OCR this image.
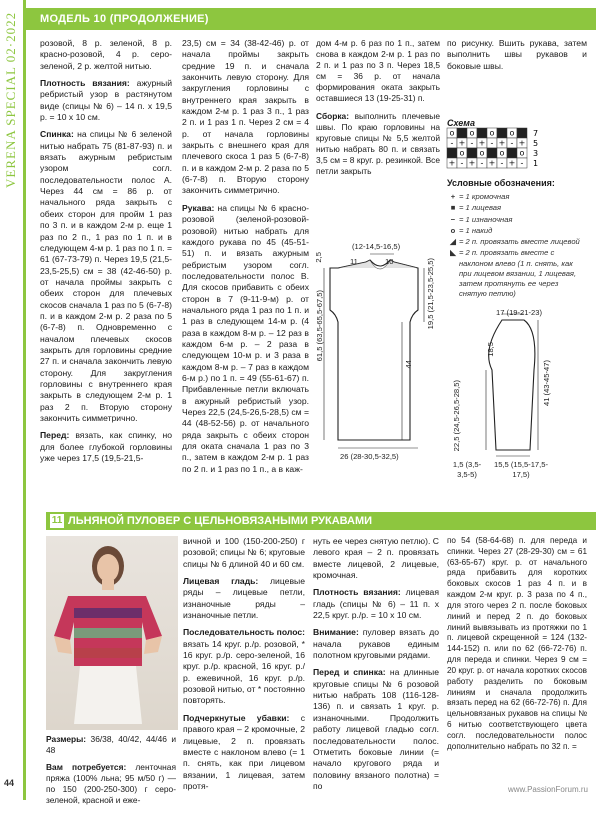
VERENA SPECIAL 02·2022
44
МОДЕЛЬ 10 (ПРОДОЛЖЕНИЕ)

розовой, 8 р. зеленой, 8 р. красно-розовой, 4 р. серо-зеленой, 2 р. желтой нитью.

Плотность вязания: ажурный ребристый узор в растянутом виде (спицы № 6) – 14 п. х 19,5 р. = 10 х 10 см.

Спинка: на спицы № 6 зеленой нитью набрать 75 (81-87-93) п. и вязать ажурным ребристым узором согл. последовательности полос А. Через 44 см = 86 р. от начального ряда закрыть с обеих сторон для пройм 1 раз по 3 п. и в каждом 2-м р. еще 1 раз по 2 п., 1 раз по 1 п. и в следующем 4-м р. 1 раз по 1 п. = 61 (67-73-79) п. Через 19,5 (21,5-23,5-25,5) см = 38 (42-46-50) р. от начала проймы закрыть с обеих сторон для плечевых скосов сначала 1 раз по 5 (6-7-8) п. и в каждом 2-м р. 2 раза по 5 (6-7-8) п. Одновременно с началом плечевых скосов закрыть для горловины средние 27 п. и сначала закончить левую сторону. Для закругления горловины с внутреннего края закрыть в следующем 2-м р. 1 раз 2 п. Вторую сторону закончить симметрично.

Перед: вязать, как спинку, но для более глубокой горловины уже через 17,5 (19,5-21,5-

23,5) см = 34 (38-42-46) р. от начала проймы закрыть средние 19 п. и сначала закончить левую сторону. Для закругления горловины с внутреннего края закрыть в каждом 2-м р. 1 раз 3 п., 1 раз 2 п. и 1 раз 1 п. Через 2 см = 4 р. от начала горловины закрыть с внешнего края для плечевого скоса 1 раз 5 (6-7-8) п. и в каждом 2-м р. 2 раза по 5 (6-7-8) п. Вторую сторону закончить симметрично.

Рукава: на спицы № 6 красно-розовой (зеленой-розовой-розовой) нитью набрать для каждого рукава по 45 (45-51-51) п. и вязать ажурным ребристым узором согл. последовательности полос В. Для скосов прибавить с обеих сторон в 7 (9-11-9-м) р. от начального ряда 1 раз по 1 п. и 1 раз в следующем 14-м р. (4 раза в каждом 8-м р. – 12 раз в каждом 6-м р. – 2 раза в следующем 10-м р. и 3 раза в каждом 8-м р. – 7 раз в каждом 6-м р.) по 1 п. = 49 (55-61-67) п. Прибавленные петли включать в ажурный ребристый узор. Через 22,5 (24,5-26,5-28,5) см = 44 (48-52-56) р. от начального ряда закрыть с обеих сторон для оката сначала 1 раз по 3 п., затем в каждом 2-м р. 1 раз по 2 п. и 1 раз по 1 п., а в каж-

дом 4-м р. 6 раз по 1 п., затем снова в каждом 2-м р. 1 раз по 2 п. и 1 раз по 3 п. Через 18,5 см = 36 р. от начала формирования оката закрыть оставшиеся 13 (19-25-31) п.

Сборка: выполнить плечевые швы. По краю горловины на круговые спицы № 5,5 желтой нитью набрать 80 п. и связать 3,5 см = 8 круг. р. резинкой. Все петли закрыть

по рисунку. Вшить рукава, затем выполнить швы рукавов и боковые швы.

Схема
o o o o
- + - + - + - +
o o o o
+ - + - + - + -
7
5
3
1
Условные обозначения:
+ = 1 кромочная
■ = 1 лицевая
− = 1 изнаночная
o = 1 накид
◢ = 2 п. провязать вместе лицевой
◣ = 2 п. провязать вместе с наклоном влево (1 п. снять, как при лицевом вязании, 1 лицевая, затем протянуть ее через снятую петлю)
(12-14,5-16,5)
11	10
2,5
19,5 (21,5-23,5-25,5)
61,5 (63,5-65,5-67,5)
44
26 (28-30,5-32,5)
17 (19-21-23)
18,5
41 (43-45-47)
22,5 (24,5-26,5-28,5)
15,5 (15,5-17,5-17,5)
1,5 (3,5-3,5-5)
11 ЛЬНЯНОЙ ПУЛОВЕР С ЦЕЛЬНОВЯЗАНЫМИ РУКАВАМИ

Размеры: 36/38, 40/42, 44/46 и 48

Вам потребуется: ленточная пряжа (100% льна; 95 м/50 г) — по 150 (200-250-300) г серо-зеленой, красной и еже-

вичной и 100 (150-200-250) г розовой; спицы № 6; круговые спицы № 6 длиной 40 и 60 см.

Лицевая гладь: лицевые ряды – лицевые петли, изнаночные ряды – изнаночные петли.

Последовательность полос: вязать 14 круг. р./р. розовой, * 16 круг. р./р. серо-зеленой, 16 круг. р./р. красной, 16 круг. р./р. ежевичной, 16 круг. р./р. розовой нитью, от * постоянно повторять.

Подчеркнутые убавки: с правого края – 2 кромочные, 2 лицевые, 2 п. провязать вместе с наклоном влево (= 1 п. снять, как при лицевом вязании, 1 лицевая, затем протя-

нуть ее через снятую петлю). С левого края – 2 п. провязать вместе лицевой, 2 лицевые, кромочная.

Плотность вязания: лицевая гладь (спицы № 6) – 11 п. х 22,5 круг. р./р. = 10 х 10 см.

Внимание: пуловер вязать до начала рукавов единым полотном круговыми рядами.

Перед и спинка: на длинные круговые спицы № 6 розовой нитью набрать 108 (116-128-136) п. и связать 1 круг. р. изнаночными. Продолжить работу лицевой гладью согл. последовательности полос. Отметить боковые линии (= начало кругового ряда и половину вязаного полотна) = по

по 54 (58-64-68) п. для переда и спинки. Через 27 (28-29-30) см = 61 (63-65-67) круг. р. от начального ряда прибавить для коротких боковых скосов 1 раз 4 п. и в каждом 2-м круг. р. 3 раза по 4 п., для этого через 2 п. после боковых линий и перед 2 п. до боковых линий вывязывать из протяжки по 1 п. лицевой скрещенной = 124 (132-144-152) п. или по 62 (66-72-76) п. для переда и спинки. Через 9 см = 20 круг. р. от начала коротких скосов работу разделить по боковым линиям и сначала продолжить вязать перед на 62 (66-72-76) п. Для цельновязаных рукавов на спицы № 6 нитью соответствующего цвета согл. последовательности полос дополнительно набрать по 32 п. =

www.PassionForum.ru
